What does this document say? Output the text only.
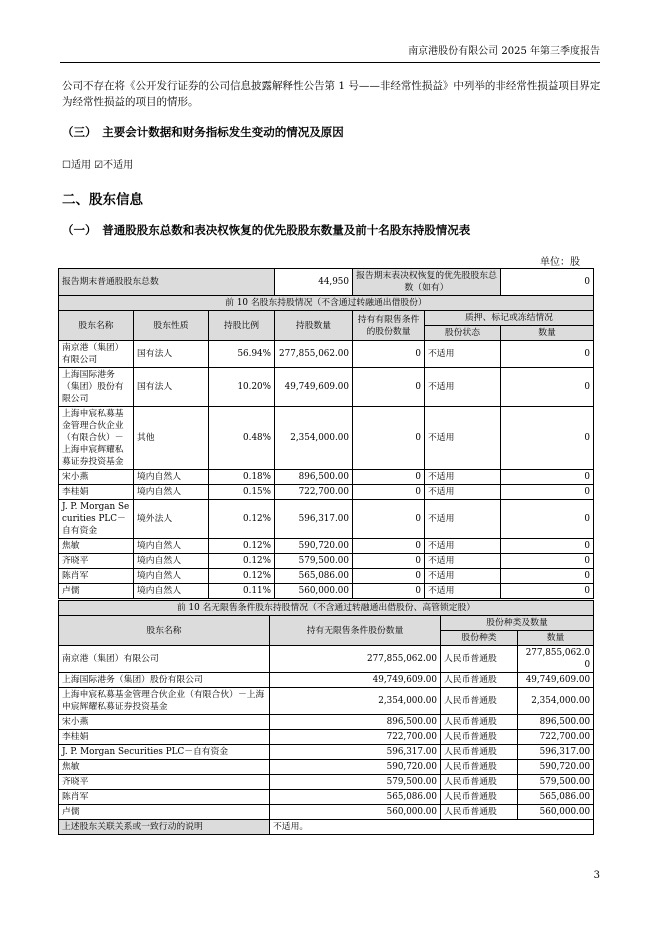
南京港股份有限公司 2025 年第三季度报告
公司不存在将《公开发行证券的公司信息披露解释性公告第 1 号——非经常性损益》中列举的非经常性损益项目界定为经常性损益的项目的情形。
（三）　主要会计数据和财务指标发生变动的情况及原因
☐适用 ☑不适用
二、股东信息
（一）　普通股股东总数和表决权恢复的优先股股东数量及前十名股东持股情况表
单位：股
报告期末普通股股东总数			44,950	报告期末表决权恢复的优先股股东总数（如有）		0
前 10 名股东持股情况（不含通过转融通出借股份）						
股东名称	股东性质	持股比例	持股数量	持有有限售条件的股份数量	质押、标记或冻结情况	
					股份状态	数量
南京港（集团）有限公司	国有法人	56.94%	277,855,062.00	0	不适用	0
上海国际港务（集团）股份有限公司	国有法人	10.20%	49,749,609.00	0	不适用	0
上海申宸私募基金管理合伙企业（有限合伙）－上海申宸辉耀私募证券投资基金	其他	0.48%	2,354,000.00	0	不适用	0
宋小燕	境内自然人	0.18%	896,500.00	0	不适用	0
李桂娟	境内自然人	0.15%	722,700.00	0	不适用	0
J. P. Morgan Securities PLC－自有资金	境外法人	0.12%	596,317.00	0	不适用	0
焦敏	境内自然人	0.12%	590,720.00	0	不适用	0
齐晓平	境内自然人	0.12%	579,500.00	0	不适用	0
陈肖军	境内自然人	0.12%	565,086.00	0	不适用	0
卢儒	境内自然人	0.11%	560,000.00	0	不适用	0
前 10 名无限售条件股东持股情况（不含通过转融通出借股份、高管锁定股）			
股东名称	持有无限售条件股份数量	股份种类及数量	
		股份种类	数量
南京港（集团）有限公司	277,855,062.00	人民币普通股	277,855,062.00
上海国际港务（集团）股份有限公司	49,749,609.00	人民币普通股	49,749,609.00
上海申宸私募基金管理合伙企业（有限合伙）－上海申宸辉耀私募证券投资基金	2,354,000.00	人民币普通股	2,354,000.00
宋小燕	896,500.00	人民币普通股	896,500.00
李桂娟	722,700.00	人民币普通股	722,700.00
J. P. Morgan Securities PLC－自有资金	596,317.00	人民币普通股	596,317.00
焦敏	590,720.00	人民币普通股	590,720.00
齐晓平	579,500.00	人民币普通股	579,500.00
陈肖军	565,086.00	人民币普通股	565,086.00
卢儒	560,000.00	人民币普通股	560,000.00
上述股东关联关系或一致行动的说明	不适用。		
3
